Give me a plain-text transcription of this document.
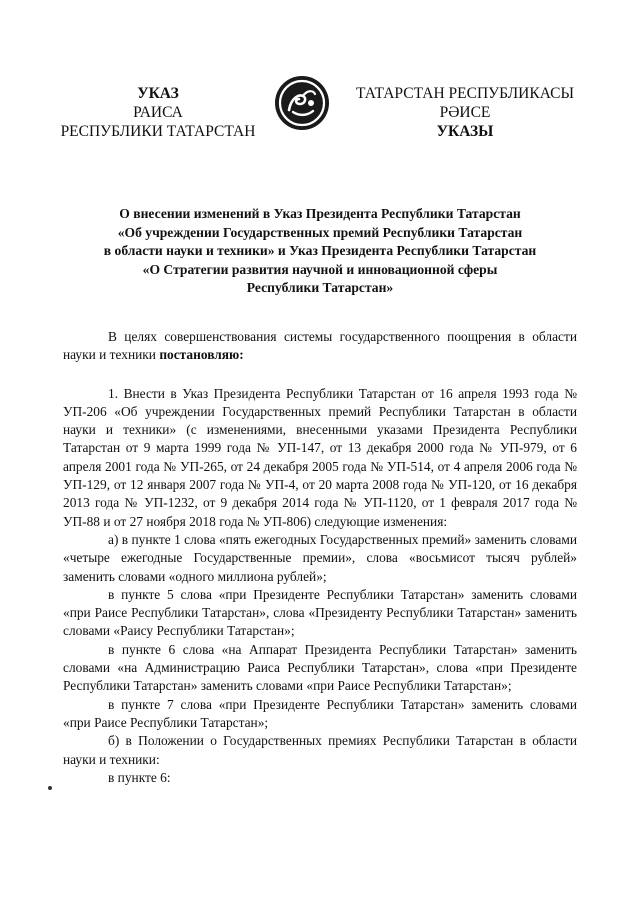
УКАЗ
РАИСА
РЕСПУБЛИКИ ТАТАРСТАН
ТАТАРСТАН РЕСПУБЛИКАСЫ
РӘИСЕ
УКАЗЫ
О внесении изменений в Указ Президента Республики Татарстан
«Об учреждении Государственных премий Республики Татарстан
в области науки и техники» и Указ Президента Республики Татарстан
«О Стратегии развития научной и инновационной сферы
Республики Татарстан»

В целях совершенствования системы государственного поощрения в области науки и техники постановляю:

1. Внести в Указ Президента Республики Татарстан от 16 апреля 1993 года № УП-206 «Об учреждении Государственных премий Республики Татарстан в области науки и техники» (с изменениями, внесенными указами Президента Республики Татарстан от 9 марта 1999 года № УП-147, от 13 декабря 2000 года № УП-979, от 6 апреля 2001 года № УП-265, от 24 декабря 2005 года № УП-514, от 4 апреля 2006 года № УП-129, от 12 января 2007 года № УП-4, от 20 марта 2008 года № УП-120, от 16 декабря 2013 года № УП-1232, от 9 декабря 2014 года № УП-1120, от 1 февраля 2017 года № УП-88 и от 27 ноября 2018 года № УП-806) следующие изменения:

а) в пункте 1 слова «пять ежегодных Государственных премий» заменить словами «четыре ежегодные Государственные премии», слова «восьмисот тысяч рублей» заменить словами «одного миллиона рублей»;

в пункте 5 слова «при Президенте Республики Татарстан» заменить словами «при Раисе Республики Татарстан», слова «Президенту Республики Татарстан» заменить словами «Раису Республики Татарстан»;

в пункте 6 слова «на Аппарат Президента Республики Татарстан» заменить словами «на Администрацию Раиса Республики Татарстан», слова «при Президенте Республики Татарстан» заменить словами «при Раисе Республики Татарстан»;

в пункте 7 слова «при Президенте Республики Татарстан» заменить словами «при Раисе Республики Татарстан»;

б) в Положении о Государственных премиях Республики Татарстан в области науки и техники:

в пункте 6:
